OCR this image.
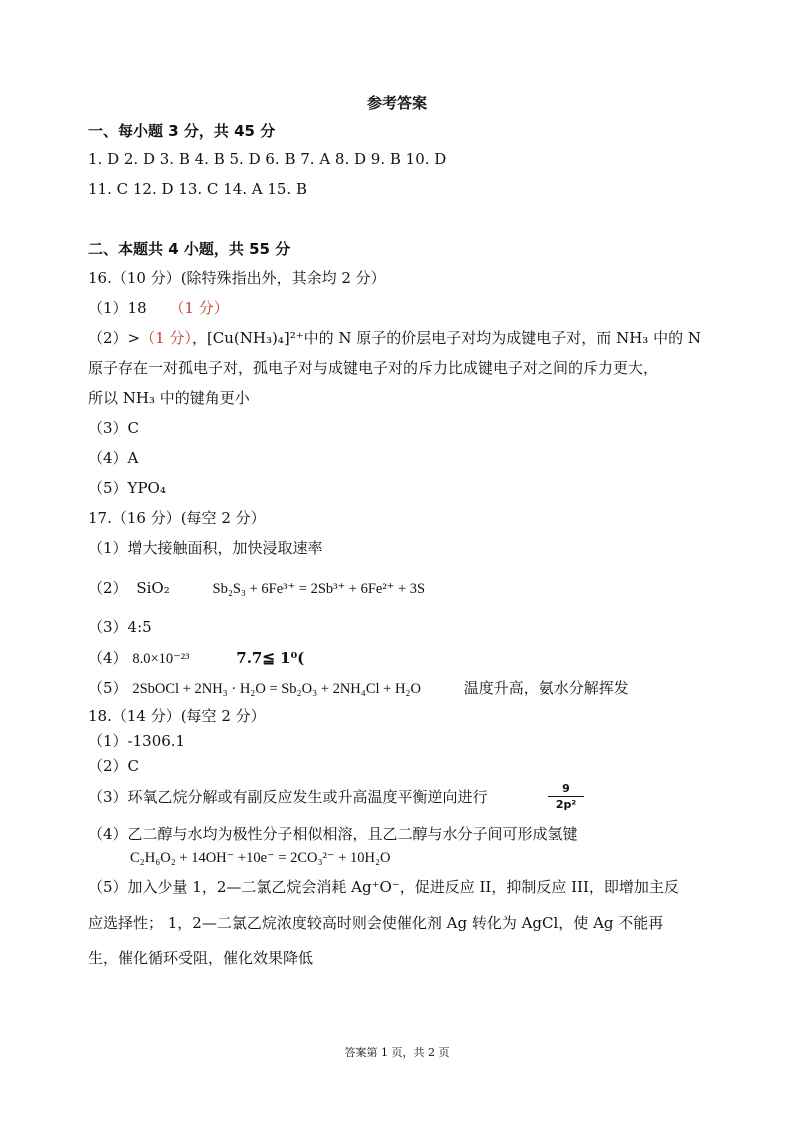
参考答案
一、每小题 3 分，共 45 分
1. D 2. D 3. B 4. B 5. D 6. B 7. A 8. D 9. B 10. D
11. C 12. D 13. C 14. A 15. B
二、本题共 4 小题，共 55 分
16.（10 分）(除特殊指出外，其余均 2 分）
（1）18 （1 分）
（2）>（1 分），[Cu(NH₃)₄]²⁺中的 N 原子的价层电子对均为成键电子对，而 NH₃ 中的 N
原子存在一对孤电子对，孤电子对与成键电子对的斥力比成键电子对之间的斥力更大，
所以 NH₃ 中的键角更小
（3）C
（4）A
（5）YPO₄
17.（16 分）(每空 2 分）
（1）增大接触面积，加快浸取速率
（2） SiO₂	Sb₂S₃ + 6Fe³⁺ = 2Sb³⁺ + 6Fe²⁺ + 3S
（3）4:5
（4） 8.0×10⁻²³	7.7≦ 1⁰(
（5） 2SbOCl + 2NH₃ · H₂O = Sb₂O₃ + 2NH₄Cl + H₂O	温度升高，氨水分解挥发
18.（14 分）(每空 2 分）
（1）-1306.1
（2）C
（3）环氧乙烷分解或有副反应发生或升高温度平衡逆向进行	$\frac{9}{\text{2p²}}$
（4）乙二醇与水均为极性分子相似相溶，且乙二醇与水分子间可形成氢键
C₂H₆O₂ + 14OH⁻ +10e⁻ = 2CO₃²⁻ + 10H₂O
（5）加入少量 1，2—二氯乙烷会消耗 Ag⁺O⁻，促进反应 II，抑制反应 III，即增加主反
应选择性； 1，2—二氯乙烷浓度较高时则会使催化剂 Ag 转化为 AgCl，使 Ag 不能再
生，催化循环受阻，催化效果降低
答案第 1 页，共 2 页
